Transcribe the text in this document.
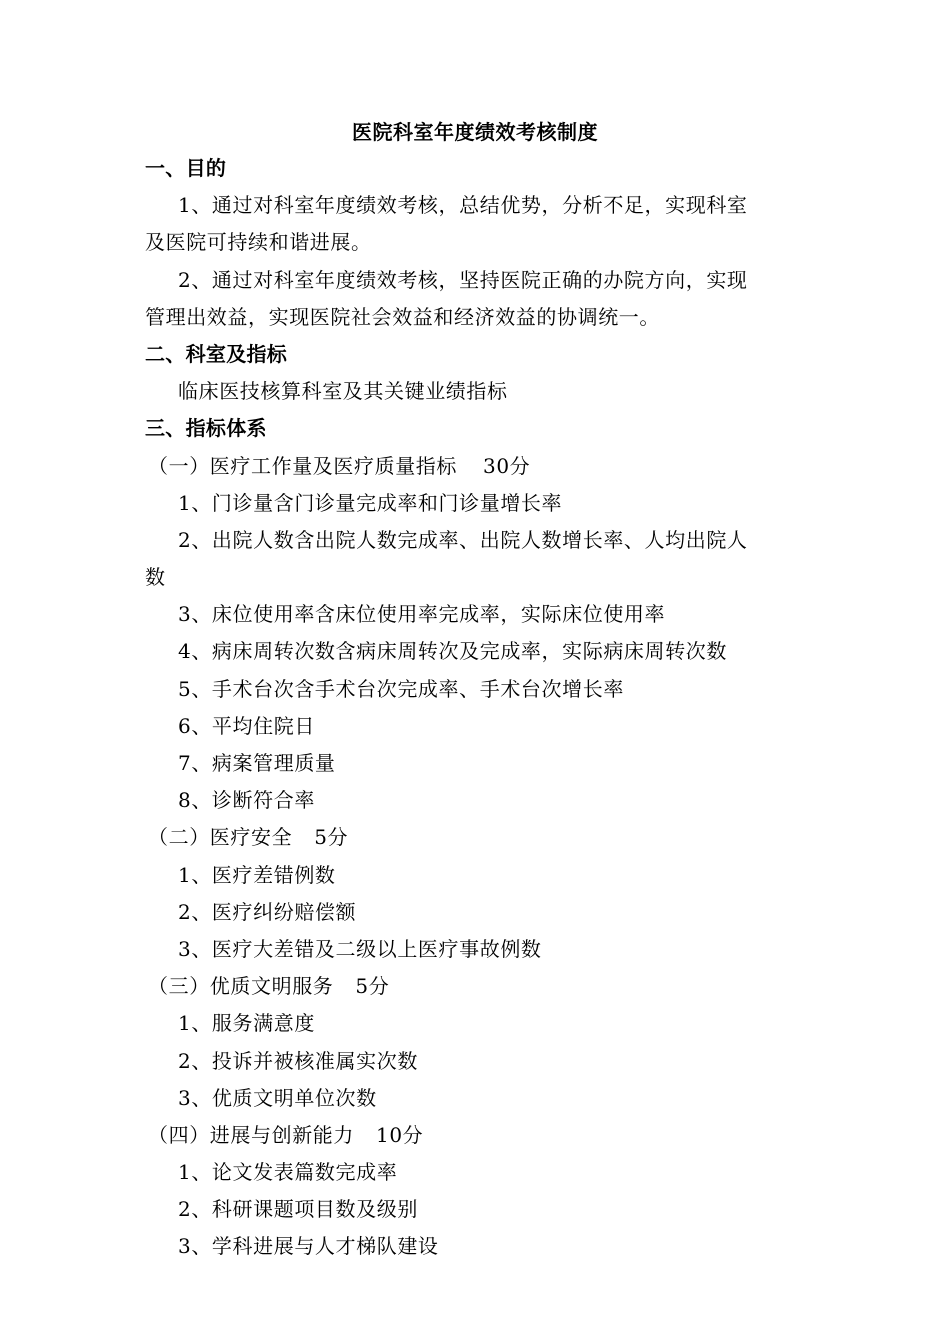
医院科室年度绩效考核制度
一、目的
1、通过对科室年度绩效考核，总结优势，分析不足，实现科室
及医院可持续和谐进展。
2、通过对科室年度绩效考核，坚持医院正确的办院方向，实现
管理出效益，实现医院社会效益和经济效益的协调统一。
二、科室及指标
临床医技核算科室及其关键业绩指标
三、指标体系
（一）医疗工作量及医疗质量指标 30分
1、门诊量含门诊量完成率和门诊量增长率
2、出院人数含出院人数完成率、出院人数增长率、人均出院人
数
3、床位使用率含床位使用率完成率，实际床位使用率
4、病床周转次数含病床周转次及完成率，实际病床周转次数
5、手术台次含手术台次完成率、手术台次增长率
6、平均住院日
7、病案管理质量
8、诊断符合率
（二）医疗安全 5分
1、医疗差错例数
2、医疗纠纷赔偿额
3、医疗大差错及二级以上医疗事故例数
（三）优质文明服务 5分
1、服务满意度
2、投诉并被核准属实次数
3、优质文明单位次数
（四）进展与创新能力 10分
1、论文发表篇数完成率
2、科研课题项目数及级别
3、学科进展与人才梯队建设
